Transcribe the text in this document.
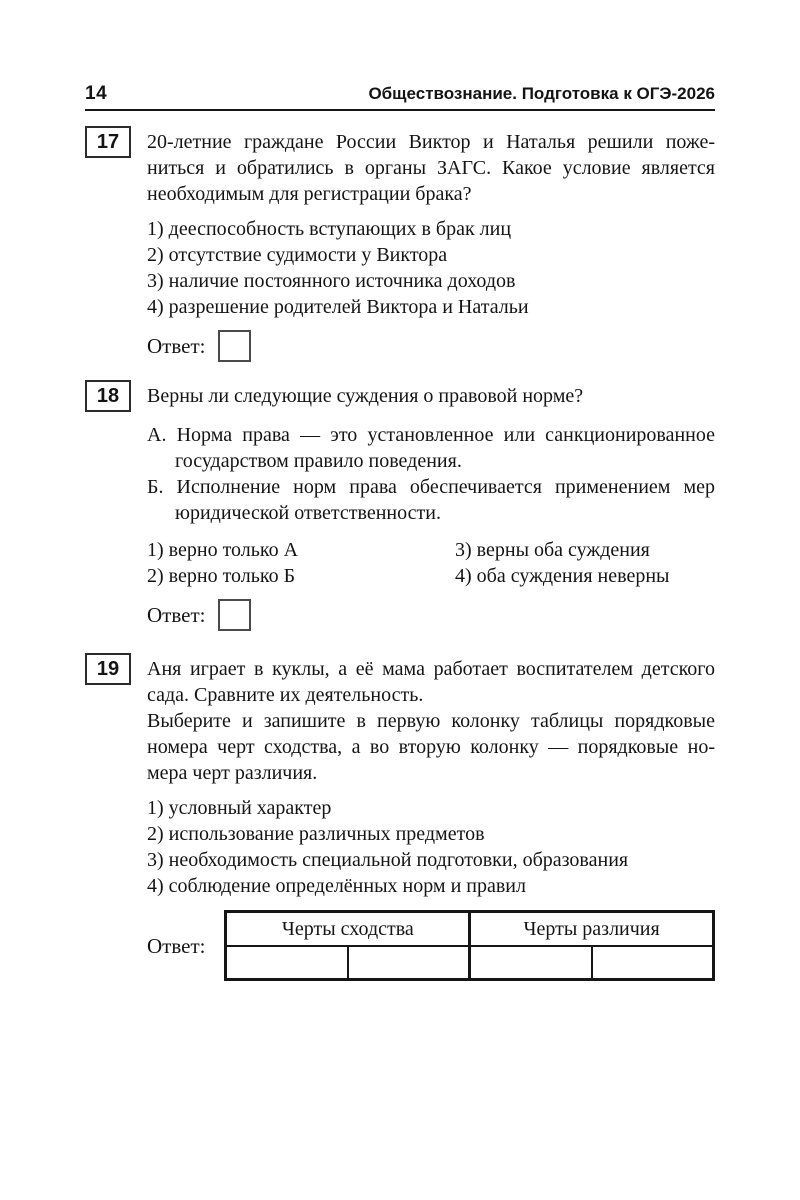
14	Обществознание. Подготовка к ОГЭ-2026
17 20-летние граждане России Виктор и Наталья решили поже-
ниться и обратились в органы ЗАГС. Какое условие является
необходимым для регистрации брака?
1) дееспособность вступающих в брак лиц
2) отсутствие судимости у Виктора
3) наличие постоянного источника доходов
4) разрешение родителей Виктора и Натальи
Ответ:
18 Верны ли следующие суждения о правовой норме?
А. Норма права — это установленное или санкционированное
государством правило поведения.
Б. Исполнение норм права обеспечивается применением мер
юридической ответственности.
1) верно только А	3) верны оба суждения
2) верно только Б	4) оба суждения неверны
Ответ:
19 Аня играет в куклы, а её мама работает воспитателем детского
сада. Сравните их деятельность.
Выберите и запишите в первую колонку таблицы порядковые
номера черт сходства, а во вторую колонку — порядковые но-
мера черт различия.
1) условный характер
2) использование различных предметов
3) необходимость специальной подготовки, образования
4) соблюдение определённых норм и правил
Ответ:
Черты сходства		Черты различия	
